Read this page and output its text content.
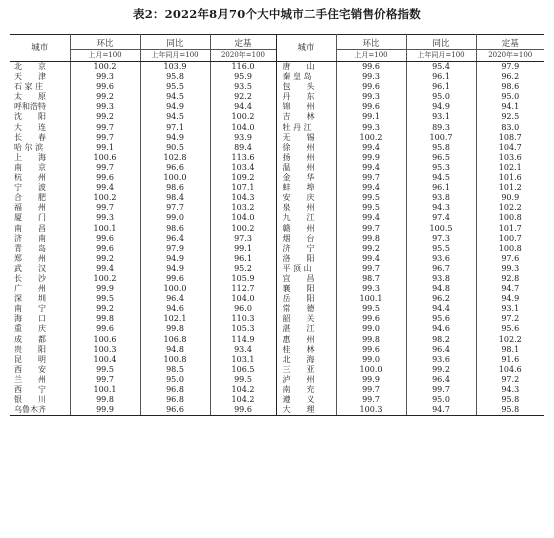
表2：2022年8月70个大中城市二手住宅销售价格指数
城市	环比	同比	定基	城市	环比	同比	定基
	上月=100	上年同月=100	2020年=100		上月=100	上年同月=100	2020年=100
北　　京	100.2	103.9	116.0	唐　　山	99.6	95.4	97.9
天　　津	99.3	95.8	95.9	秦 皇 岛	99.3	96.1	96.2
石 家 庄	99.6	95.5	93.5	包　　头	99.6	96.1	98.6
太　　原	99.2	94.5	92.2	丹　　东	99.3	95.0	95.0
呼和浩特	99.3	94.9	94.4	锦　　州	99.6	94.9	94.1
沈　　阳	99.2	94.5	100.2	吉　　林	99.1	93.1	92.5
大　　连	99.7	97.1	104.0	牡 丹 江	99.3	89.3	83.0
长　　春	99.7	94.9	93.9	无　　锡	100.2	100.7	108.7
哈 尔 滨	99.1	90.5	89.4	徐　　州	99.4	95.8	104.7
上　　海	100.6	102.8	113.6	扬　　州	99.9	96.5	103.6
南　　京	99.7	96.6	103.4	温　　州	99.4	95.3	102.1
杭　　州	99.6	100.0	109.2	金　　华	99.7	94.5	101.6
宁　　波	99.4	98.6	107.1	蚌　　埠	99.4	96.1	101.2
合　　肥	100.2	98.4	104.3	安　　庆	99.5	93.8	90.9
福　　州	99.7	97.7	103.2	泉　　州	99.5	94.3	102.2
厦　　门	99.3	99.0	104.0	九　　江	99.4	97.4	100.8
南　　昌	100.1	98.6	100.2	赣　　州	99.7	100.5	101.7
济　　南	99.6	96.4	97.3	烟　　台	99.8	97.3	100.7
青　　岛	99.6	97.9	99.1	济　　宁	99.2	95.5	100.8
郑　　州	99.2	94.9	96.1	洛　　阳	99.4	93.6	97.6
武　　汉	99.4	94.9	95.2	平 顶 山	99.7	96.7	99.3
长　　沙	100.2	99.6	105.9	宜　　昌	98.7	93.8	92.8
广　　州	99.9	100.0	112.7	襄　　阳	99.3	94.8	94.7
深　　圳	99.5	96.4	104.0	岳　　阳	100.1	96.2	94.9
南　　宁	99.2	94.6	96.0	常　　德	99.5	94.4	93.1
海　　口	99.8	102.1	110.3	韶　　关	99.6	95.6	97.2
重　　庆	99.6	99.8	105.3	湛　　江	99.0	94.6	95.6
成　　都	100.6	106.8	114.9	惠　　州	99.8	98.2	102.2
贵　　阳	100.3	94.8	93.4	桂　　林	99.6	96.4	98.1
昆　　明	100.4	100.8	103.1	北　　海	99.0	93.6	91.6
西　　安	99.5	98.5	106.5	三　　亚	100.0	99.2	104.6
兰　　州	99.7	95.0	99.5	泸　　州	99.9	96.4	97.2
西　　宁	100.1	96.8	104.2	南　　充	99.7	99.7	94.3
银　　川	99.8	96.8	104.2	遵　　义	99.7	95.0	95.8
乌鲁木齐	99.9	96.6	99.6	大　　理	100.3	94.7	95.8
